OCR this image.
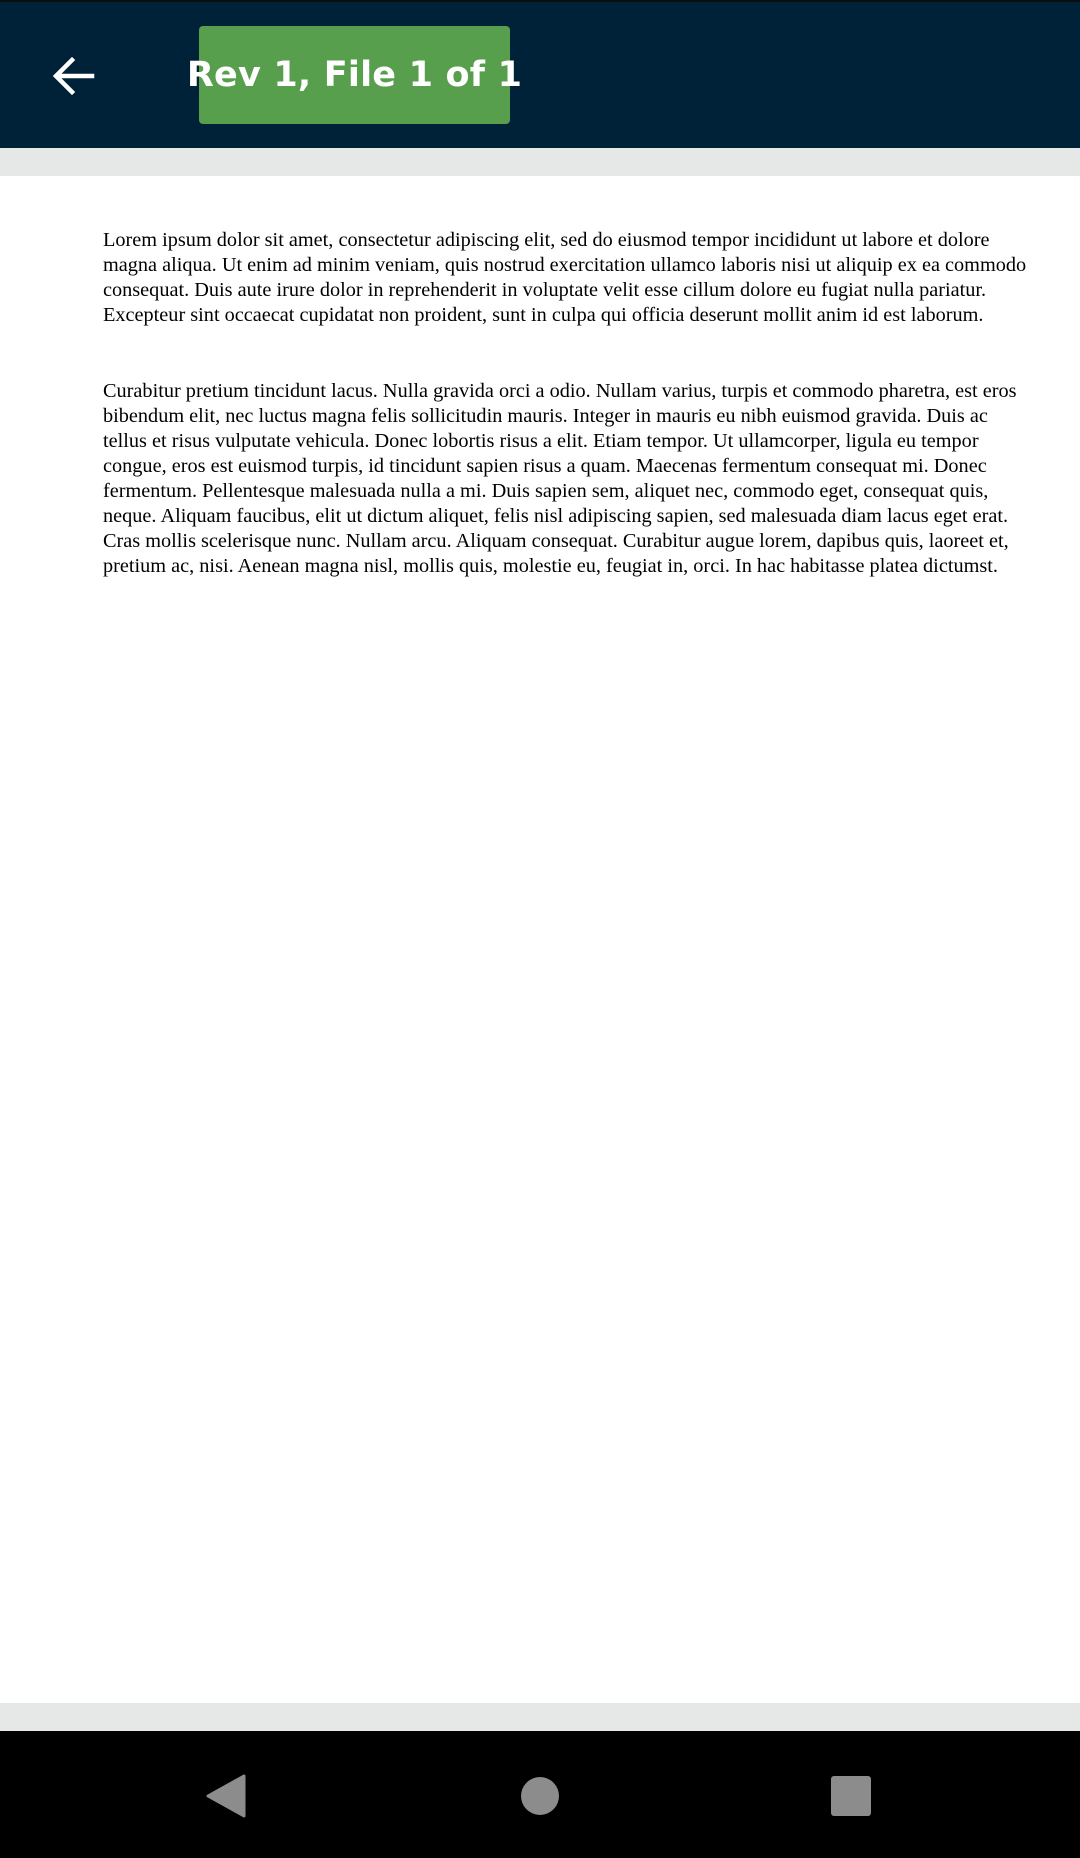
Rev 1, File 1 of 1

Lorem ipsum dolor sit amet, consectetur adipiscing elit, sed do eiusmod tempor incididunt ut labore et dolore magna aliqua. Ut enim ad minim veniam, quis nostrud exercitation ullamco laboris nisi ut aliquip ex ea commodo consequat. Duis aute irure dolor in reprehenderit in voluptate velit esse cillum dolore eu fugiat nulla pariatur. Excepteur sint occaecat cupidatat non proident, sunt in culpa qui officia deserunt mollit anim id est laborum.

Curabitur pretium tincidunt lacus. Nulla gravida orci a odio. Nullam varius, turpis et commodo pharetra, est eros bibendum elit, nec luctus magna felis sollicitudin mauris. Integer in mauris eu nibh euismod gravida. Duis ac tellus et risus vulputate vehicula. Donec lobortis risus a elit. Etiam tempor. Ut ullamcorper, ligula eu tempor congue, eros est euismod turpis, id tincidunt sapien risus a quam. Maecenas fermentum consequat mi. Donec fermentum. Pellentesque malesuada nulla a mi. Duis sapien sem, aliquet nec, commodo eget, consequat quis, neque. Aliquam faucibus, elit ut dictum aliquet, felis nisl adipiscing sapien, sed malesuada diam lacus eget erat. Cras mollis scelerisque nunc. Nullam arcu. Aliquam consequat. Curabitur augue lorem, dapibus quis, laoreet et, pretium ac, nisi. Aenean magna nisl, mollis quis, molestie eu, feugiat in, orci. In hac habitasse platea dictumst.
